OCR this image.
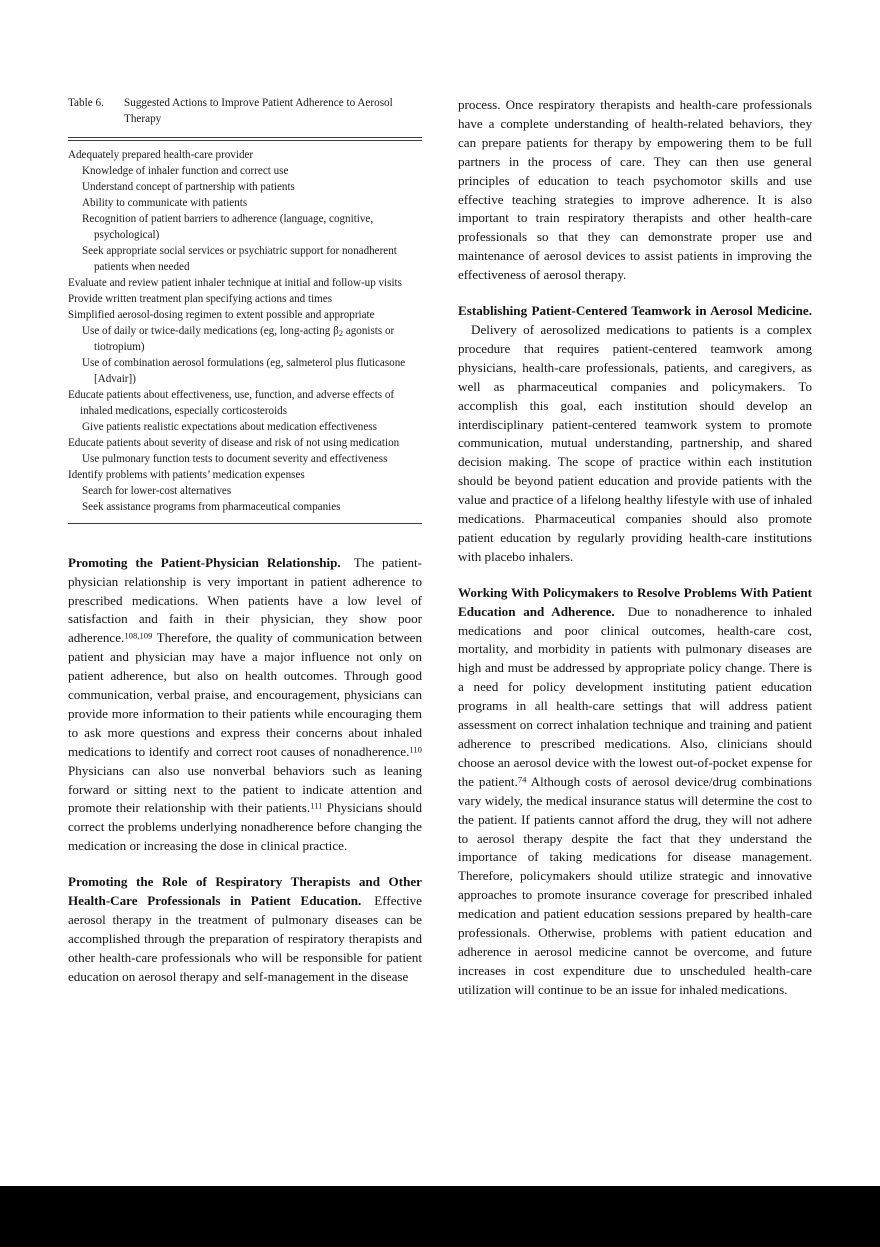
Table 6.	Suggested Actions to Improve Patient Adherence to Aerosol Therapy
Adequately prepared health-care provider
Knowledge of inhaler function and correct use
Understand concept of partnership with patients
Ability to communicate with patients
Recognition of patient barriers to adherence (language, cognitive, psychological)
Seek appropriate social services or psychiatric support for nonadherent patients when needed
Evaluate and review patient inhaler technique at initial and follow-up visits
Provide written treatment plan specifying actions and times
Simplified aerosol-dosing regimen to extent possible and appropriate
Use of daily or twice-daily medications (eg, long-acting $\beta_2$ agonists or tiotropium)
Use of combination aerosol formulations (eg, salmeterol plus fluticasone [Advair])
Educate patients about effectiveness, use, function, and adverse effects of inhaled medications, especially corticosteroids
Give patients realistic expectations about medication effectiveness
Educate patients about severity of disease and risk of not using medication
Use pulmonary function tests to document severity and effectiveness
Identify problems with patients’ medication expenses
Search for lower-cost alternatives
Seek assistance programs from pharmaceutical companies

Promoting the Patient-Physician Relationship. The patient-physician relationship is very important in patient adherence to prescribed medications. When patients have a low level of satisfaction and faith in their physician, they show poor adherence.$^{108,109}$ Therefore, the quality of communication between patient and physician may have a major influence not only on patient adherence, but also on health outcomes. Through good communication, verbal praise, and encouragement, physicians can provide more information to their patients while encouraging them to ask more questions and express their concerns about inhaled medications to identify and correct root causes of nonadherence.$^{110}$ Physicians can also use nonverbal behaviors such as leaning forward or sitting next to the patient to indicate attention and promote their relationship with their patients.$^{111}$ Physicians should correct the problems underlying nonadherence before changing the medication or increasing the dose in clinical practice.

Promoting the Role of Respiratory Therapists and Other Health-Care Professionals in Patient Education. Effective aerosol therapy in the treatment of pulmonary diseases can be accomplished through the preparation of respiratory therapists and other health-care professionals who will be responsible for patient education on aerosol therapy and self-management in the disease

process. Once respiratory therapists and health-care professionals have a complete understanding of health-related behaviors, they can prepare patients for therapy by empowering them to be full partners in the process of care. They can then use general principles of education to teach psychomotor skills and use effective teaching strategies to improve adherence. It is also important to train respiratory therapists and other health-care professionals so that they can demonstrate proper use and maintenance of aerosol devices to assist patients in improving the effectiveness of aerosol therapy.

Establishing Patient-Centered Teamwork in Aerosol Medicine.Delivery of aerosolized medications to patients is a complex procedure that requires patient-centered teamwork among physicians, health-care professionals, patients, and caregivers, as well as pharmaceutical companies and policymakers. To accomplish this goal, each institution should develop an interdisciplinary patient-centered teamwork system to promote communication, mutual understanding, partnership, and shared decision making. The scope of practice within each institution should be beyond patient education and provide patients with the value and practice of a lifelong healthy lifestyle with use of inhaled medications. Pharmaceutical companies should also promote patient education by regularly providing health-care institutions with placebo inhalers.

Working With Policymakers to Resolve Problems With Patient Education and Adherence. Due to nonadherence to inhaled medications and poor clinical outcomes, health-care cost, mortality, and morbidity in patients with pulmonary diseases are high and must be addressed by appropriate policy change. There is a need for policy development instituting patient education programs in all health-care settings that will address patient assessment on correct inhalation technique and training and patient adherence to prescribed medications. Also, clinicians should choose an aerosol device with the lowest out-of-pocket expense for the patient.$^{74}$ Although costs of aerosol device/drug combinations vary widely, the medical insurance status will determine the cost to the patient. If patients cannot afford the drug, they will not adhere to aerosol therapy despite the fact that they understand the importance of taking medications for disease management. Therefore, policymakers should utilize strategic and innovative approaches to promote insurance coverage for prescribed inhaled medication and patient education sessions prepared by health-care professionals. Otherwise, problems with patient education and adherence in aerosol medicine cannot be overcome, and future increases in cost expenditure due to unscheduled health-care utilization will continue to be an issue for inhaled medications.
